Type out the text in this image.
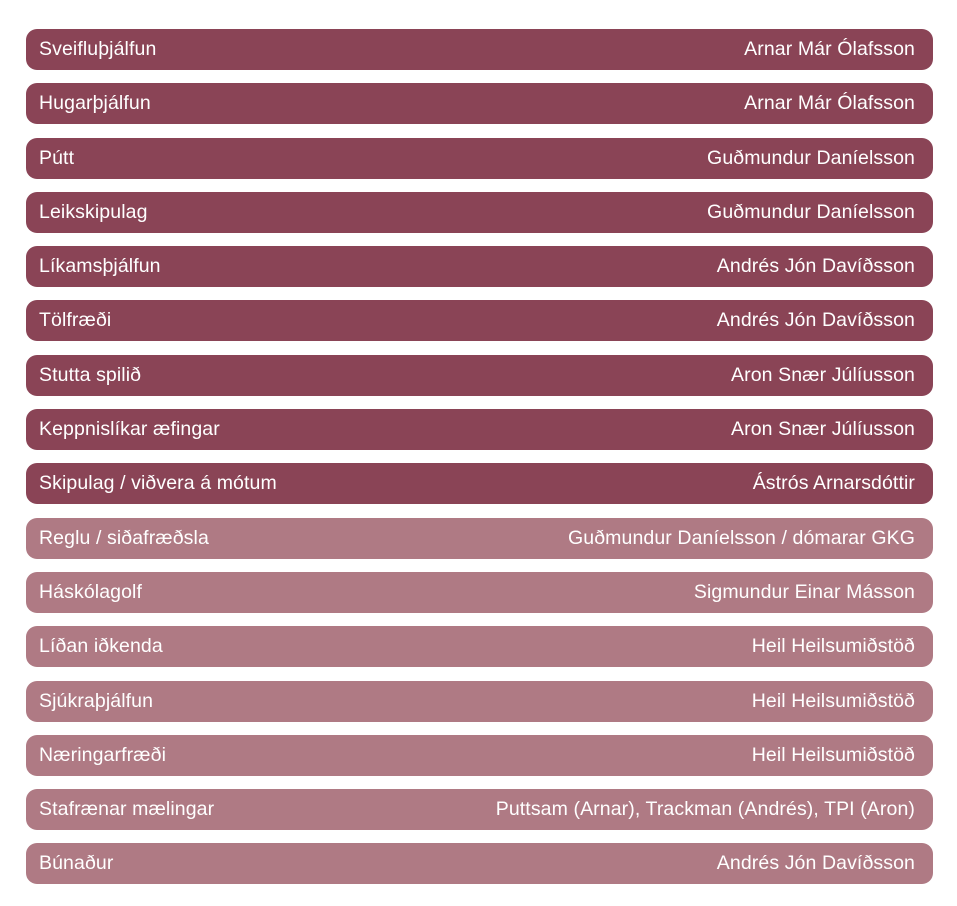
Sveifluþjálfun	Arnar Már Ólafsson
Hugarþjálfun	Arnar Már Ólafsson
Pútt	Guðmundur Daníelsson
Leikskipulag	Guðmundur Daníelsson
Líkamsþjálfun	Andrés Jón Davíðsson
Tölfræði	Andrés Jón Davíðsson
Stutta spilið	Aron Snær Júlíusson
Keppnislíkar æfingar	Aron Snær Júlíusson
Skipulag / viðvera á mótum	Ástrós Arnarsdóttir
Reglu / siðafræðsla	Guðmundur Daníelsson / dómarar GKG
Háskólagolf	Sigmundur Einar Másson
Líðan iðkenda	Heil Heilsumiðstöð
Sjúkraþjálfun	Heil Heilsumiðstöð
Næringarfræði	Heil Heilsumiðstöð
Stafrænar mælingar	Puttsam (Arnar), Trackman (Andrés), TPI (Aron)
Búnaður	Andrés Jón Davíðsson
